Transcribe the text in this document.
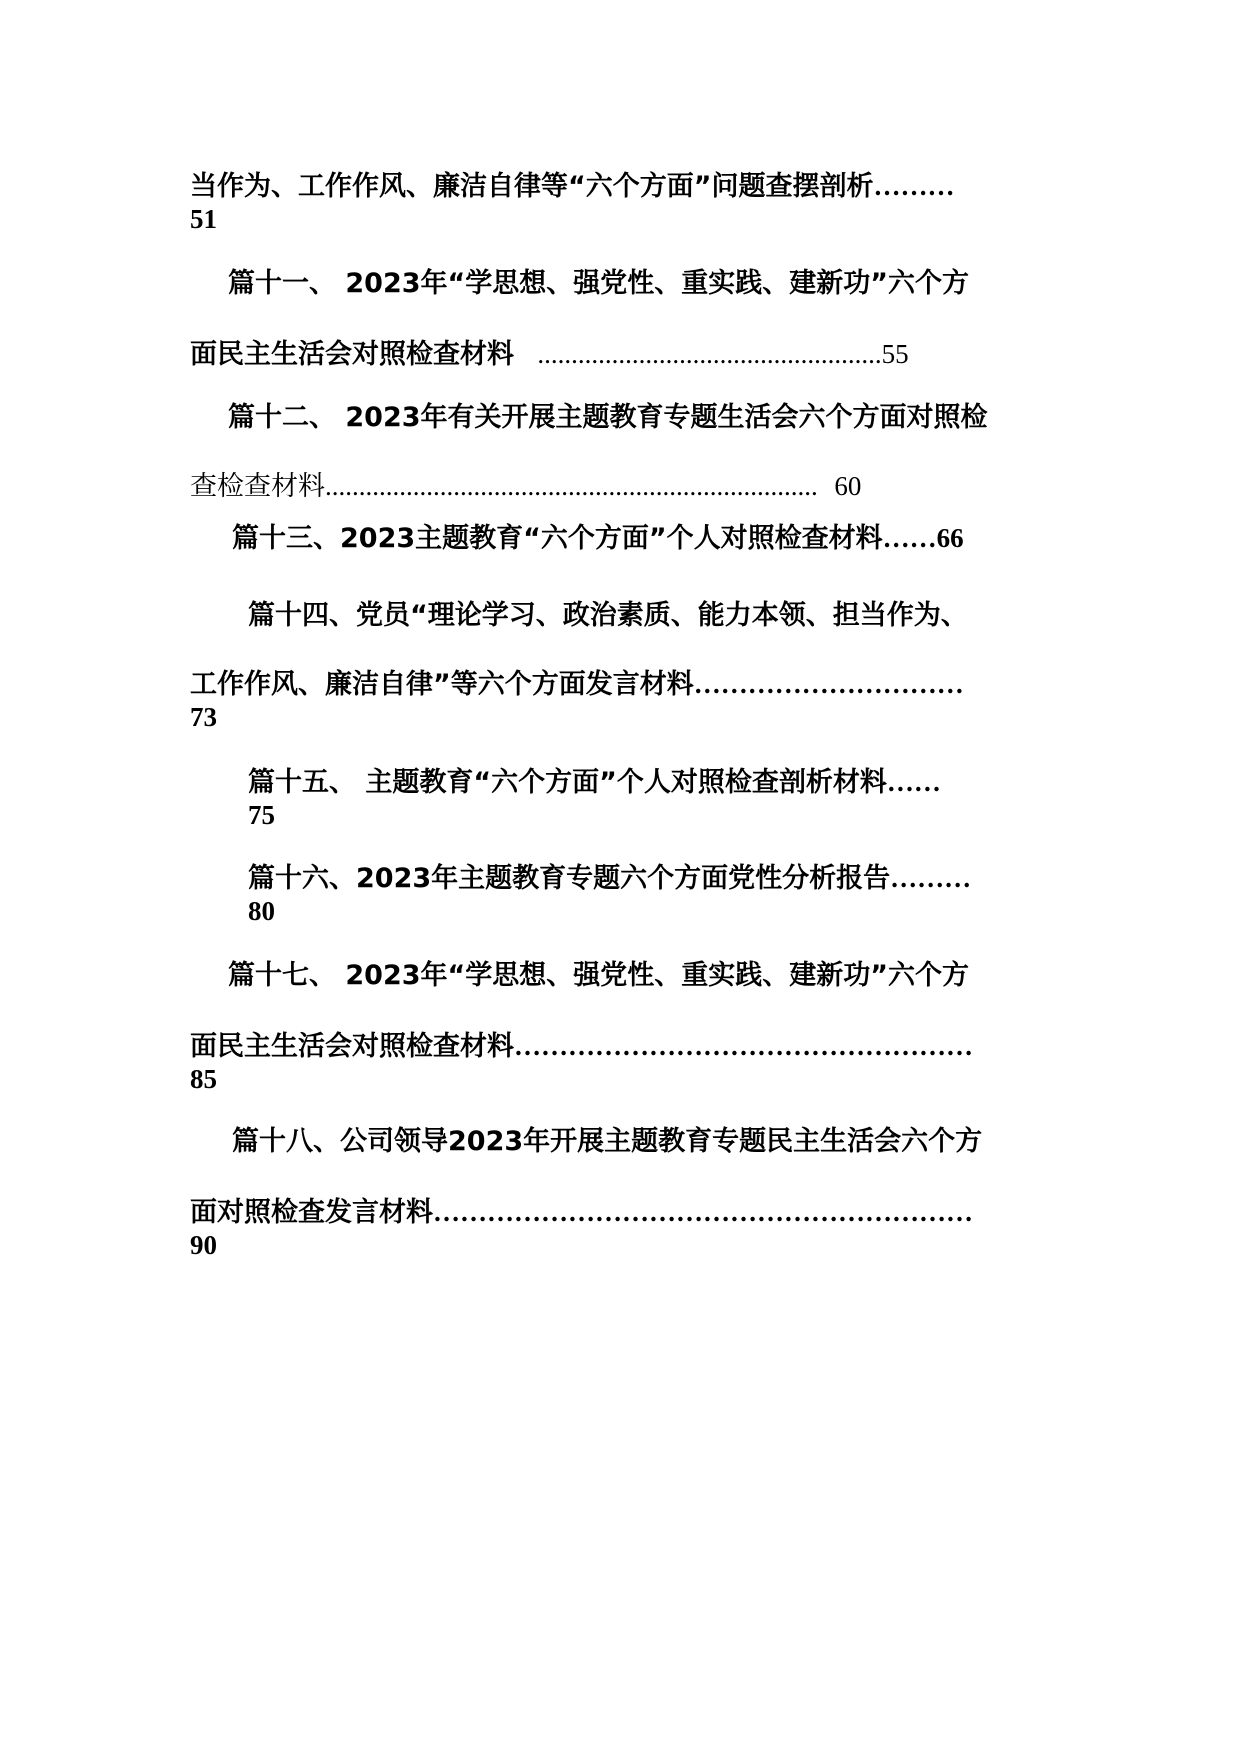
当作为、工作作风、廉洁自律等“六个方面”问题查摆剖析………
51
篇十一、 2023年“学思想、强党性、重实践、建新功”六个方
面民主生活会对照检查材料 ...................................................55
篇十二、 2023年有关开展主题教育专题生活会六个方面对照检
查检查材料......................................................................... 60
篇十三、2023主题教育“六个方面”个人对照检查材料……66
篇十四、党员“理论学习、政治素质、能力本领、担当作为、
工作作风、廉洁自律”等六个方面发言材料…………………………
73
篇十五、 主题教育“六个方面”个人对照检查剖析材料……
75
篇十六、2023年主题教育专题六个方面党性分析报告………
80
篇十七、 2023年“学思想、强党性、重实践、建新功”六个方
面民主生活会对照检查材料……………………………………………
85
篇十八、公司领导2023年开展主题教育专题民主生活会六个方
面对照检查发言材料……………………………………………………
90
